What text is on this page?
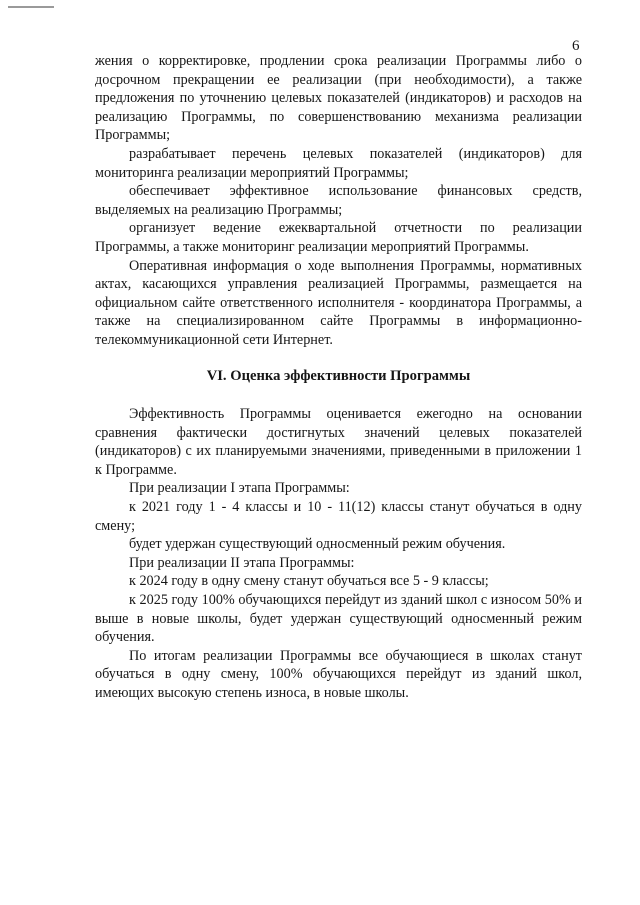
6

жения о корректировке, продлении срока реализации Программы либо о досрочном прекращении ее реализации (при необходимости), а также предложения по уточнению целевых показателей (индикаторов) и расходов на реализацию Программы, по совершенствованию механизма реализации Программы;

разрабатывает перечень целевых показателей (индикаторов) для мониторинга реализации мероприятий Программы;

обеспечивает эффективное использование финансовых средств, выделяемых на реализацию Программы;

организует ведение ежеквартальной отчетности по реализации Программы, а также мониторинг реализации мероприятий Программы.

Оперативная информация о ходе выполнения Программы, нормативных актах, касающихся управления реализацией Программы, размещается на официальном сайте ответственного исполнителя - координатора Программы, а также на специализированном сайте Программы в информационно-телекоммуникационной сети Интернет.

VI. Оценка эффективности Программы

Эффективность Программы оценивается ежегодно на основании сравнения фактически достигнутых значений целевых показателей (индикаторов) с их планируемыми значениями, приведенными в приложении 1 к Программе.

При реализации I этапа Программы:

к 2021 году 1 - 4 классы и 10 - 11(12) классы станут обучаться в одну смену;

будет удержан существующий односменный режим обучения.

При реализации II этапа Программы:

к 2024 году в одну смену станут обучаться все 5 - 9 классы;

к 2025 году 100% обучающихся перейдут из зданий школ с износом 50% и выше в новые школы, будет удержан существующий односменный режим обучения.

По итогам реализации Программы все обучающиеся в школах станут обучаться в одну смену, 100% обучающихся перейдут из зданий школ, имеющих высокую степень износа, в новые школы.
